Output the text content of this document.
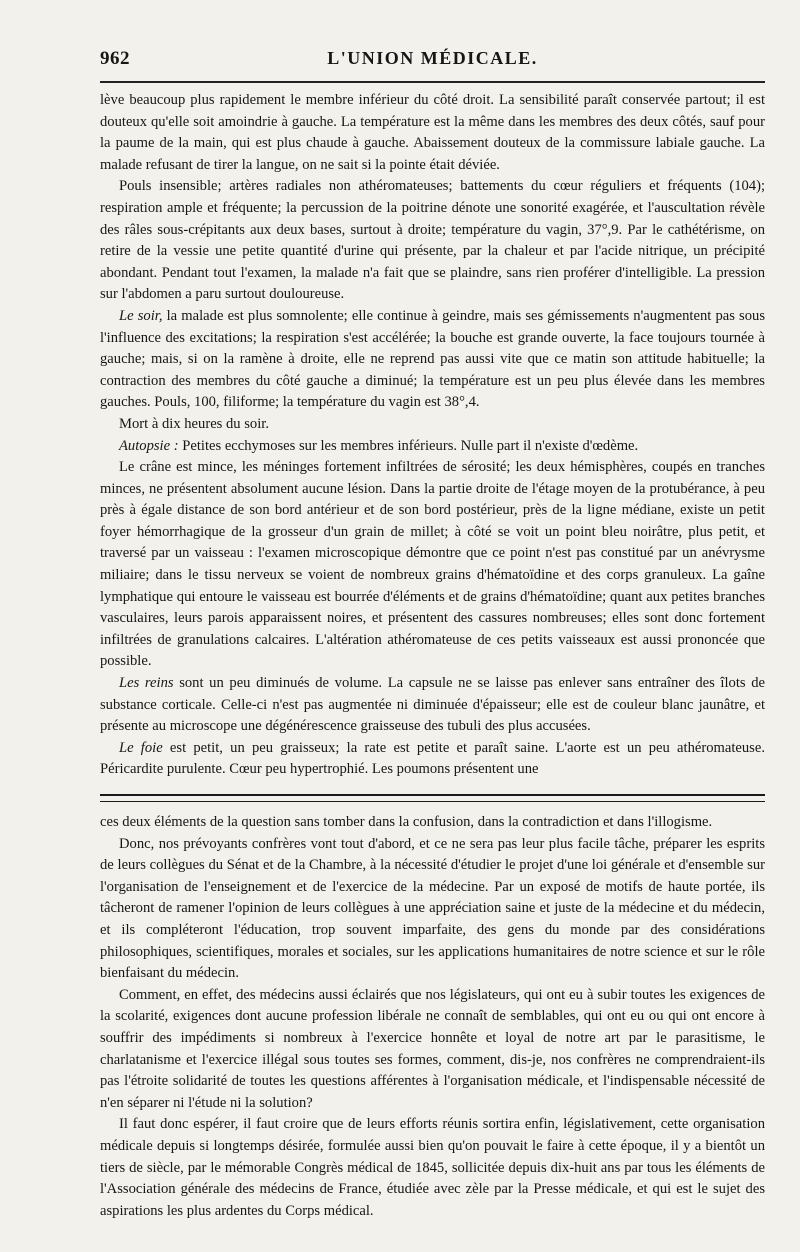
962	L'UNION MÉDICALE.

lève beaucoup plus rapidement le membre inférieur du côté droit. La sensibilité paraît conservée partout; il est douteux qu'elle soit amoindrie à gauche. La température est la même dans les membres des deux côtés, sauf pour la paume de la main, qui est plus chaude à gauche. Abaissement douteux de la commissure labiale gauche. La malade refusant de tirer la langue, on ne sait si la pointe était déviée.

Pouls insensible; artères radiales non athéromateuses; battements du cœur réguliers et fréquents (104); respiration ample et fréquente; la percussion de la poitrine dénote une sonorité exagérée, et l'auscultation révèle des râles sous-crépitants aux deux bases, surtout à droite; température du vagin, 37°,9. Par le cathétérisme, on retire de la vessie une petite quantité d'urine qui présente, par la chaleur et par l'acide nitrique, un précipité abondant. Pendant tout l'examen, la malade n'a fait que se plaindre, sans rien proférer d'intelligible. La pression sur l'abdomen a paru surtout douloureuse.

Le soir, la malade est plus somnolente; elle continue à geindre, mais ses gémissements n'augmentent pas sous l'influence des excitations; la respiration s'est accélérée; la bouche est grande ouverte, la face toujours tournée à gauche; mais, si on la ramène à droite, elle ne reprend pas aussi vite que ce matin son attitude habituelle; la contraction des membres du côté gauche a diminué; la température est un peu plus élevée dans les membres gauches. Pouls, 100, filiforme; la température du vagin est 38°,4.

Mort à dix heures du soir.

Autopsie : Petites ecchymoses sur les membres inférieurs. Nulle part il n'existe d'œdème.

Le crâne est mince, les méninges fortement infiltrées de sérosité; les deux hémisphères, coupés en tranches minces, ne présentent absolument aucune lésion. Dans la partie droite de l'étage moyen de la protubérance, à peu près à égale distance de son bord antérieur et de son bord postérieur, près de la ligne médiane, existe un petit foyer hémorrhagique de la grosseur d'un grain de millet; à côté se voit un point bleu noirâtre, plus petit, et traversé par un vaisseau : l'examen microscopique démontre que ce point n'est pas constitué par un anévrysme miliaire; dans le tissu nerveux se voient de nombreux grains d'hématoïdine et des corps granuleux. La gaîne lymphatique qui entoure le vaisseau est bourrée d'éléments et de grains d'hématoïdine; quant aux petites branches vasculaires, leurs parois apparaissent noires, et présentent des cassures nombreuses; elles sont donc fortement infiltrées de granulations calcaires. L'altération athéromateuse de ces petits vaisseaux est aussi prononcée que possible.

Les reins sont un peu diminués de volume. La capsule ne se laisse pas enlever sans entraîner des îlots de substance corticale. Celle-ci n'est pas augmentée ni diminuée d'épaisseur; elle est de couleur blanc jaunâtre, et présente au microscope une dégénérescence graisseuse des tubuli des plus accusées.

Le foie est petit, un peu graisseux; la rate est petite et paraît saine. L'aorte est un peu athéromateuse. Péricardite purulente. Cœur peu hypertrophié. Les poumons présentent une

ces deux éléments de la question sans tomber dans la confusion, dans la contradiction et dans l'illogisme.

Donc, nos prévoyants confrères vont tout d'abord, et ce ne sera pas leur plus facile tâche, préparer les esprits de leurs collègues du Sénat et de la Chambre, à la nécessité d'étudier le projet d'une loi générale et d'ensemble sur l'organisation de l'enseignement et de l'exercice de la médecine. Par un exposé de motifs de haute portée, ils tâcheront de ramener l'opinion de leurs collègues à une appréciation saine et juste de la médecine et du médecin, et ils compléteront l'éducation, trop souvent imparfaite, des gens du monde par des considérations philosophiques, scientifiques, morales et sociales, sur les applications humanitaires de notre science et sur le rôle bienfaisant du médecin.

Comment, en effet, des médecins aussi éclairés que nos législateurs, qui ont eu à subir toutes les exigences de la scolarité, exigences dont aucune profession libérale ne connaît de semblables, qui ont eu ou qui ont encore à souffrir des impédiments si nombreux à l'exercice honnête et loyal de notre art par le parasitisme, le charlatanisme et l'exercice illégal sous toutes ses formes, comment, dis-je, nos confrères ne comprendraient-ils pas l'étroite solidarité de toutes les questions afférentes à l'organisation médicale, et l'indispensable nécessité de n'en séparer ni l'étude ni la solution?

Il faut donc espérer, il faut croire que de leurs efforts réunis sortira enfin, législativement, cette organisation médicale depuis si longtemps désirée, formulée aussi bien qu'on pouvait le faire à cette époque, il y a bientôt un tiers de siècle, par le mémorable Congrès médical de 1845, sollicitée depuis dix-huit ans par tous les éléments de l'Association générale des médecins de France, étudiée avec zèle par la Presse médicale, et qui est le sujet des aspirations les plus ardentes du Corps médical.
